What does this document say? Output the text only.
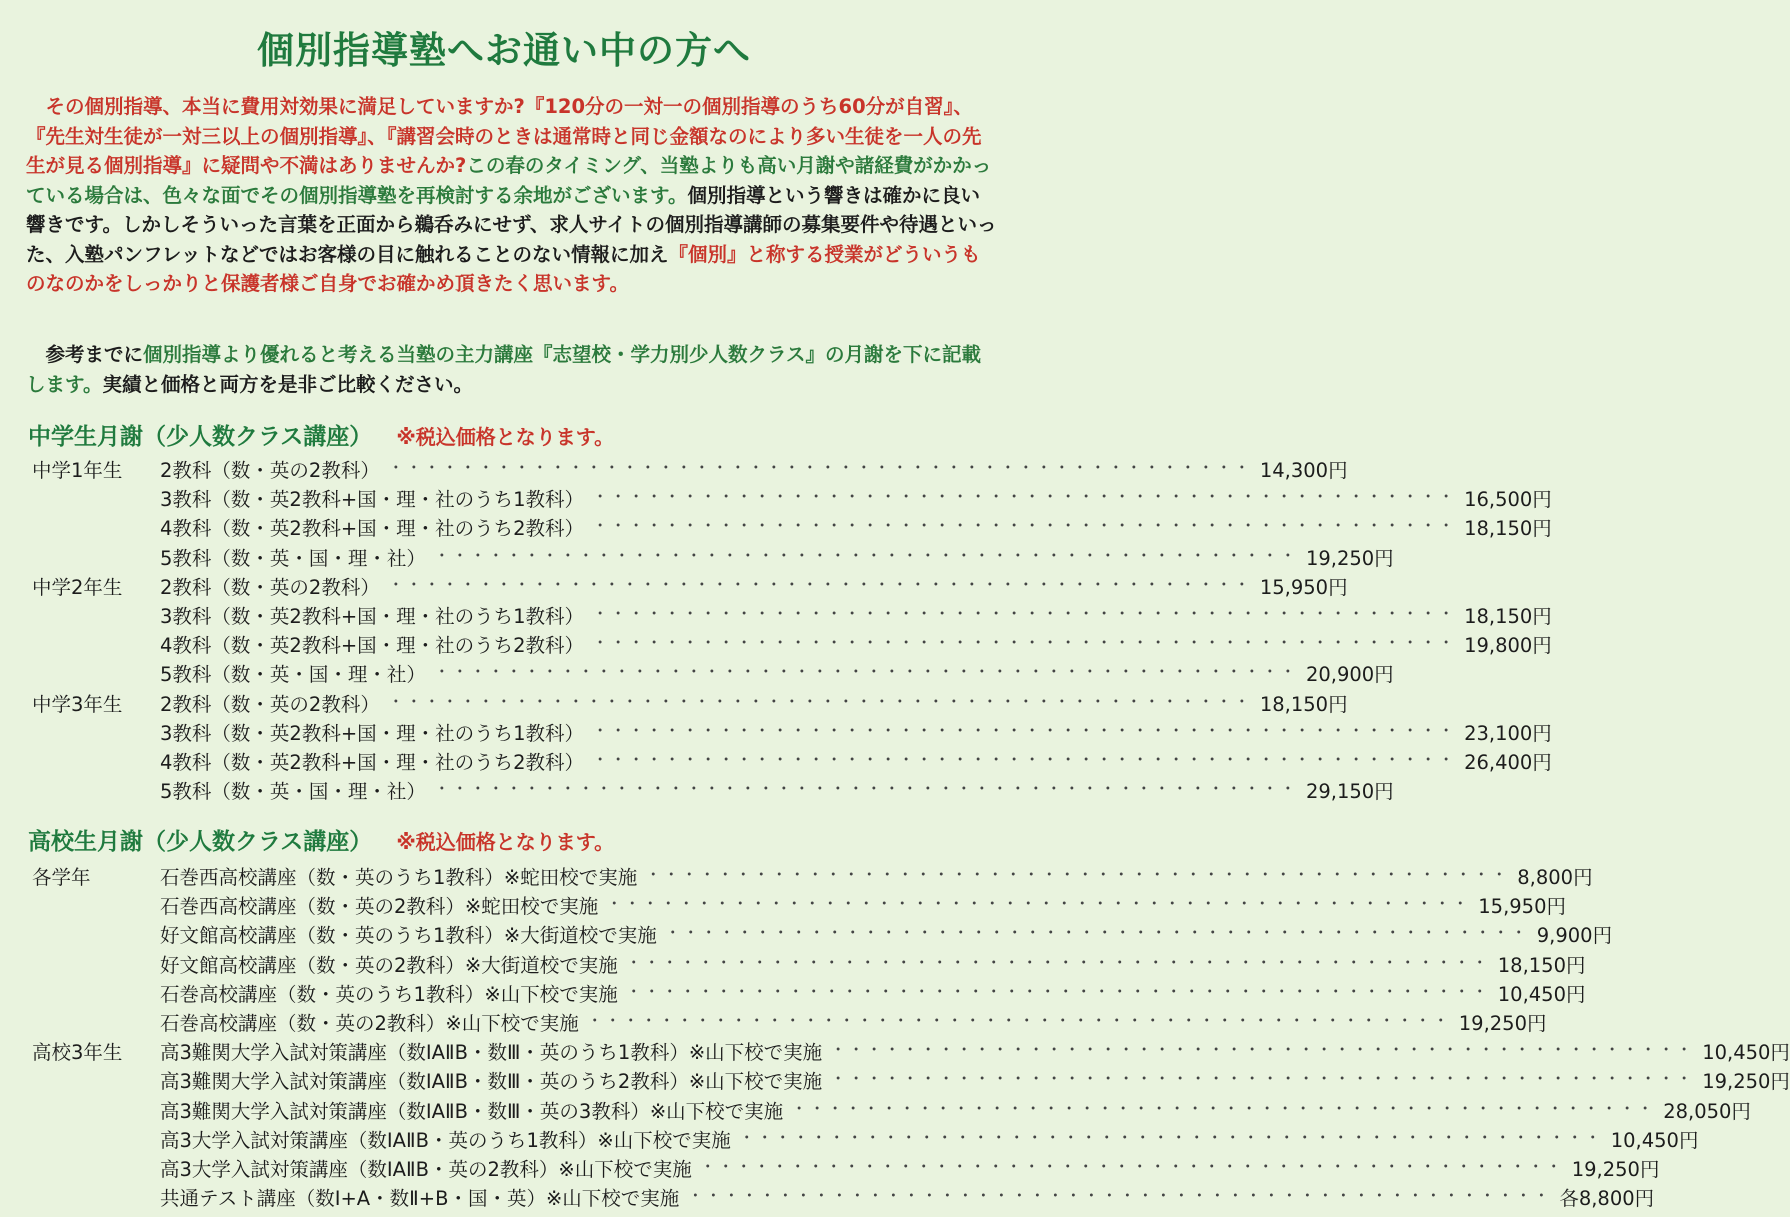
個別指導塾へお通い中の方へ
　その個別指導、本当に費用対効果に満足していますか?『120分の一対一の個別指導のうち60分が自習』、『先生対生徒が一対三以上の個別指導』、『講習会時のときは通常時と同じ金額なのにより多い生徒を一人の先生が見る個別指導』に疑問や不満はありませんか?この春のタイミング、当塾よりも高い月謝や諸経費がかかっている場合は、色々な面でその個別指導塾を再検討する余地がございます。個別指導という響きは確かに良い響きです。しかしそういった言葉を正面から鵜呑みにせず、求人サイトの個別指導講師の募集要件や待遇といった、入塾パンフレットなどではお客様の目に触れることのない情報に加え『個別』と称する授業がどういうものなのかをしっかりと保護者様ご自身でお確かめ頂きたく思います。
　参考までに個別指導より優れると考える当塾の主力講座『志望校・学力別少人数クラス』の月謝を下に記載します。実績と価格と両方を是非ご比較ください。
中学生月謝（少人数クラス講座） ※税込価格となります。
中学1年生 2教科（数・英の2教科） ・・・・・・・・・・・・・・・・・・・・・・・・・・・・・・・・・・・・・・・・・・・・・・・・ 14,300円
3教科（数・英2教科+国・理・社のうち1教科） ・・・・・・・・・・・・・・・・・・・・・・・・・・・・・・・・・・・・・・・・・・・・・・・・ 16,500円
4教科（数・英2教科+国・理・社のうち2教科） ・・・・・・・・・・・・・・・・・・・・・・・・・・・・・・・・・・・・・・・・・・・・・・・・ 18,150円
5教科（数・英・国・理・社） ・・・・・・・・・・・・・・・・・・・・・・・・・・・・・・・・・・・・・・・・・・・・・・・・ 19,250円
中学2年生 2教科（数・英の2教科） ・・・・・・・・・・・・・・・・・・・・・・・・・・・・・・・・・・・・・・・・・・・・・・・・ 15,950円
3教科（数・英2教科+国・理・社のうち1教科） ・・・・・・・・・・・・・・・・・・・・・・・・・・・・・・・・・・・・・・・・・・・・・・・・ 18,150円
4教科（数・英2教科+国・理・社のうち2教科） ・・・・・・・・・・・・・・・・・・・・・・・・・・・・・・・・・・・・・・・・・・・・・・・・ 19,800円
5教科（数・英・国・理・社） ・・・・・・・・・・・・・・・・・・・・・・・・・・・・・・・・・・・・・・・・・・・・・・・・ 20,900円
中学3年生 2教科（数・英の2教科） ・・・・・・・・・・・・・・・・・・・・・・・・・・・・・・・・・・・・・・・・・・・・・・・・ 18,150円
3教科（数・英2教科+国・理・社のうち1教科） ・・・・・・・・・・・・・・・・・・・・・・・・・・・・・・・・・・・・・・・・・・・・・・・・ 23,100円
4教科（数・英2教科+国・理・社のうち2教科） ・・・・・・・・・・・・・・・・・・・・・・・・・・・・・・・・・・・・・・・・・・・・・・・・ 26,400円
5教科（数・英・国・理・社） ・・・・・・・・・・・・・・・・・・・・・・・・・・・・・・・・・・・・・・・・・・・・・・・・ 29,150円
高校生月謝（少人数クラス講座） ※税込価格となります。
各学年	石巻西高校講座（数・英のうち1教科）※蛇田校で実施 ・・・・・・・・・・・・・・・・・・・・・・・・・・・・・・・・・・・・・・・・・・・・・・・・ 8,800円
石巻西高校講座（数・英の2教科）※蛇田校で実施 ・・・・・・・・・・・・・・・・・・・・・・・・・・・・・・・・・・・・・・・・・・・・・・・・ 15,950円
好文館高校講座（数・英のうち1教科）※大街道校で実施 ・・・・・・・・・・・・・・・・・・・・・・・・・・・・・・・・・・・・・・・・・・・・・・・・ 9,900円
好文館高校講座（数・英の2教科）※大街道校で実施 ・・・・・・・・・・・・・・・・・・・・・・・・・・・・・・・・・・・・・・・・・・・・・・・・ 18,150円
石巻高校講座（数・英のうち1教科）※山下校で実施 ・・・・・・・・・・・・・・・・・・・・・・・・・・・・・・・・・・・・・・・・・・・・・・・・ 10,450円
石巻高校講座（数・英の2教科）※山下校で実施 ・・・・・・・・・・・・・・・・・・・・・・・・・・・・・・・・・・・・・・・・・・・・・・・・ 19,250円
高校3年生 高3難関大学入試対策講座（数ⅠAⅡB・数Ⅲ・英のうち1教科）※山下校で実施 ・・・・・・・・・・・・・・・・・・・・・・・・・・・・・・・・・・・・・・・・・・・・・・・・ 10,450円
高3難関大学入試対策講座（数ⅠAⅡB・数Ⅲ・英のうち2教科）※山下校で実施 ・・・・・・・・・・・・・・・・・・・・・・・・・・・・・・・・・・・・・・・・・・・・・・・・ 19,250円
高3難関大学入試対策講座（数ⅠAⅡB・数Ⅲ・英の3教科）※山下校で実施 ・・・・・・・・・・・・・・・・・・・・・・・・・・・・・・・・・・・・・・・・・・・・・・・・ 28,050円
高3大学入試対策講座（数ⅠAⅡB・英のうち1教科）※山下校で実施 ・・・・・・・・・・・・・・・・・・・・・・・・・・・・・・・・・・・・・・・・・・・・・・・・ 10,450円
高3大学入試対策講座（数ⅠAⅡB・英の2教科）※山下校で実施 ・・・・・・・・・・・・・・・・・・・・・・・・・・・・・・・・・・・・・・・・・・・・・・・・ 19,250円
共通テスト講座（数Ⅰ+A・数Ⅱ+B・国・英）※山下校で実施 ・・・・・・・・・・・・・・・・・・・・・・・・・・・・・・・・・・・・・・・・・・・・・・・・ 各8,800円
